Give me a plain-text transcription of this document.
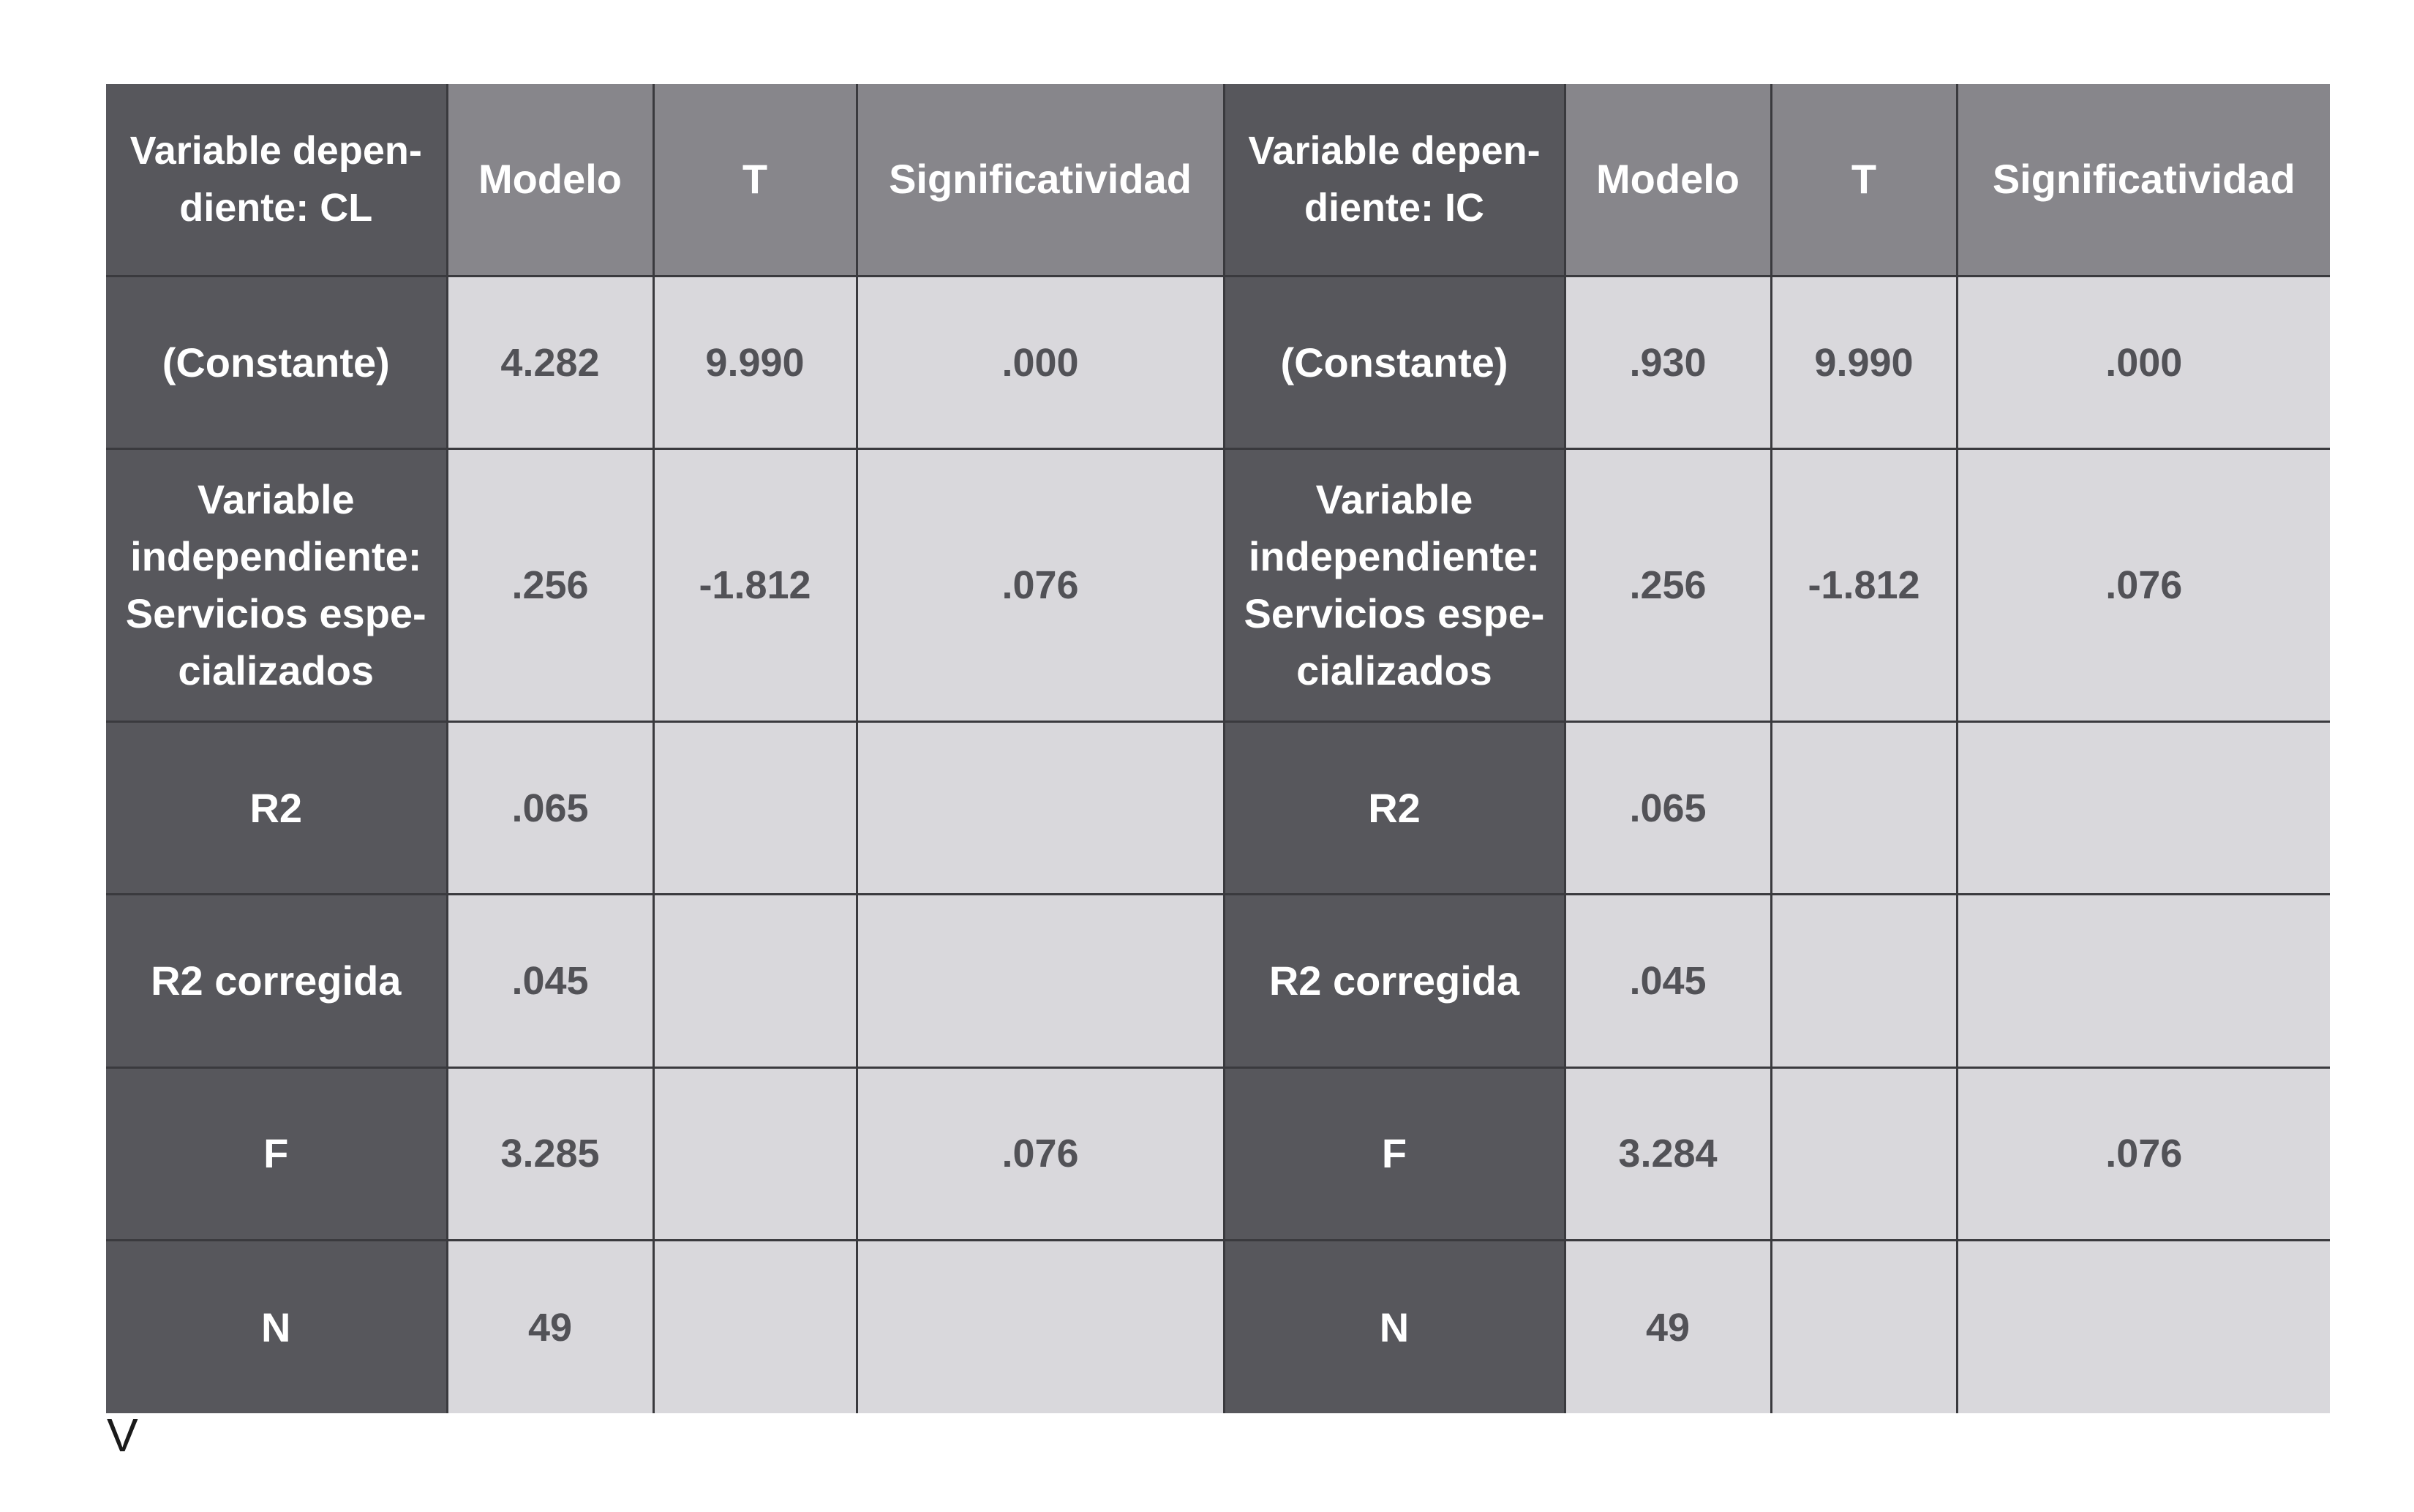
Variable depen-
diente: CL	Modelo	T	Significatividad	Variable depen-
diente: IC	Modelo	T	Significatividad
(Constante)	4.282	9.990	.000	(Constante)	.930	9.990	.000
Variable
independiente:
Servicios espe-
cializados	.256	-1.812	.076	Variable
independiente:
Servicios espe-
cializados	.256	-1.812	.076
R2	.065			R2	.065		
R2 corregida	.045			R2 corregida	.045		
F	3.285		.076	F	3.284		.076
N	49			N	49		
V
